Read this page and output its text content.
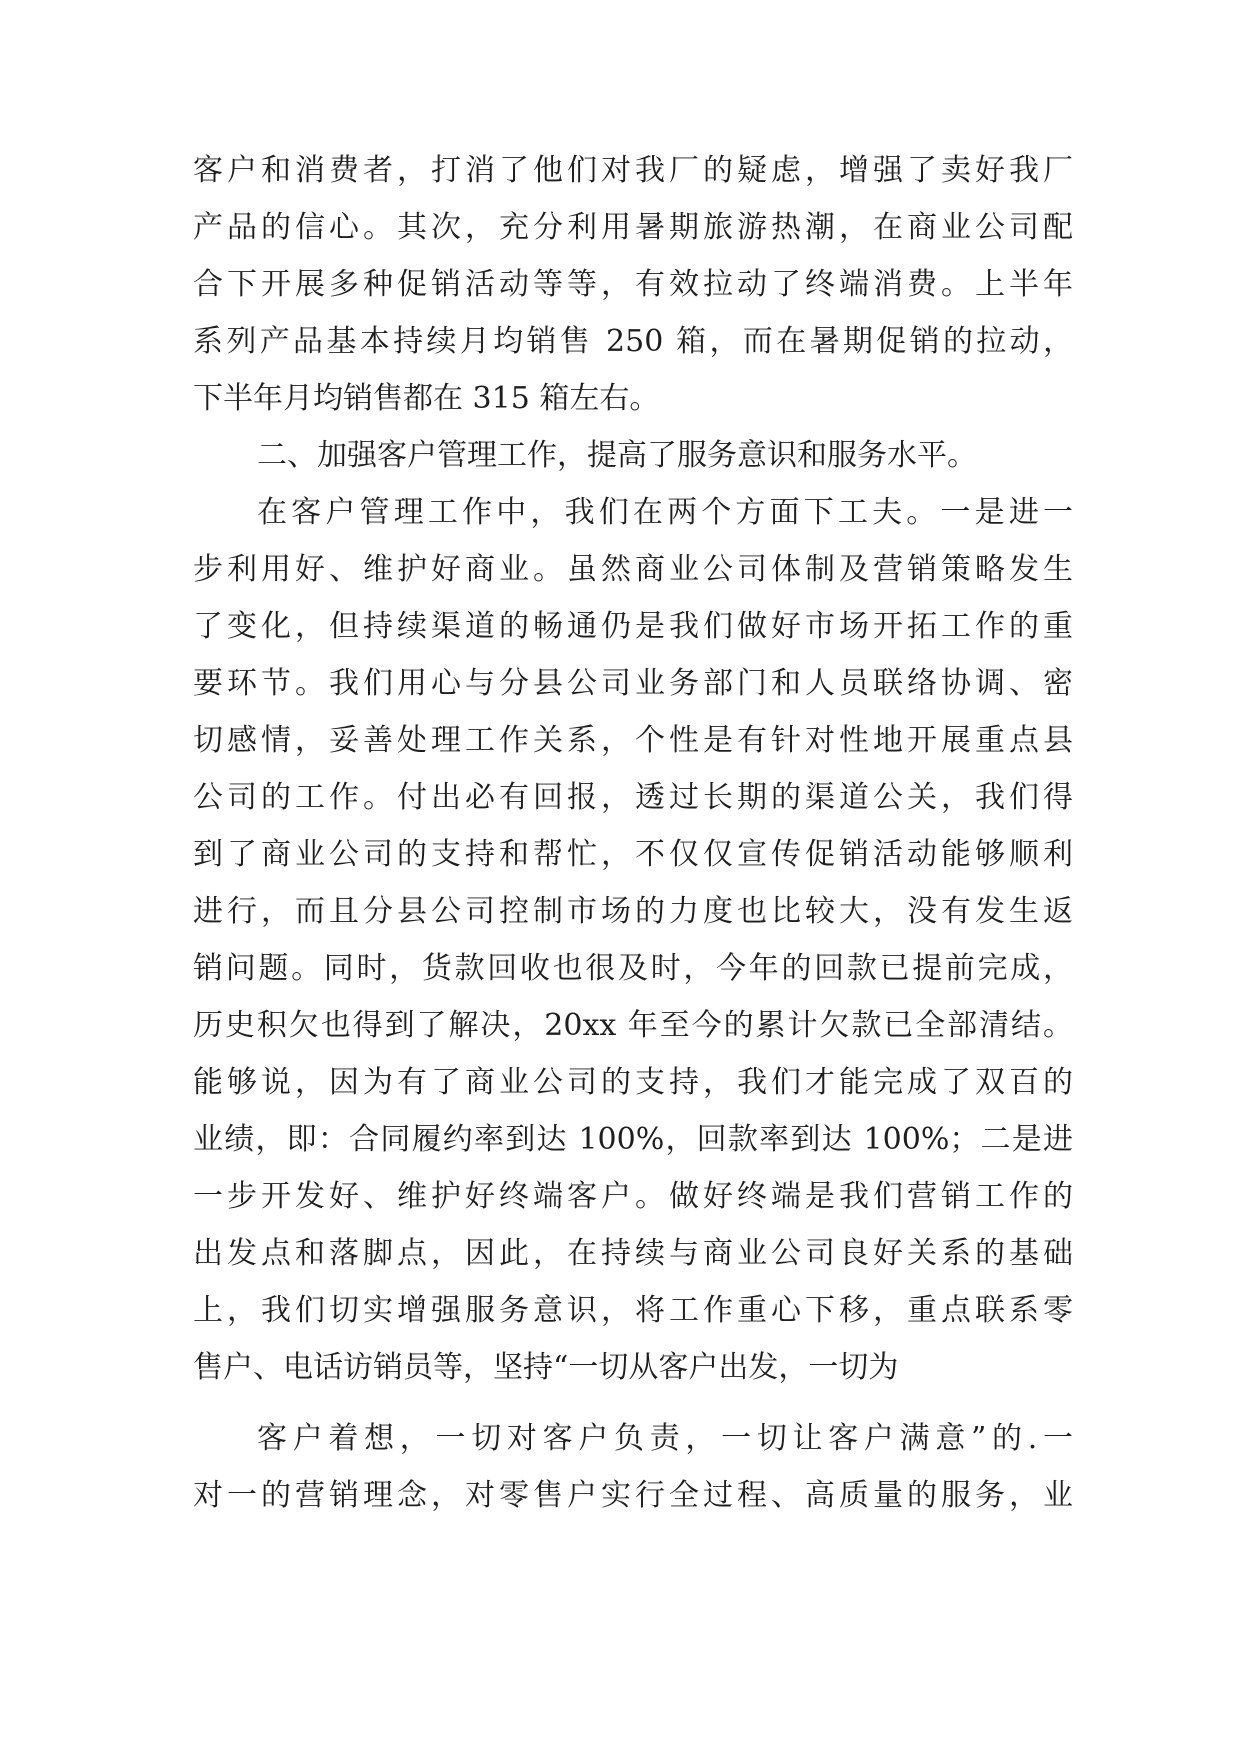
客户和消费者，打消了他们对我厂的疑虑，增强了卖好我厂
产品的信心。其次，充分利用暑期旅游热潮，在商业公司配
合下开展多种促销活动等等，有效拉动了终端消费。上半年
系列产品基本持续月均销售 250 箱，而在暑期促销的拉动，
下半年月均销售都在 315 箱左右。
二、加强客户管理工作，提高了服务意识和服务水平。
在客户管理工作中，我们在两个方面下工夫。一是进一
步利用好、维护好商业。虽然商业公司体制及营销策略发生
了变化，但持续渠道的畅通仍是我们做好市场开拓工作的重
要环节。我们用心与分县公司业务部门和人员联络协调、密
切感情，妥善处理工作关系，个性是有针对性地开展重点县
公司的工作。付出必有回报，透过长期的渠道公关，我们得
到了商业公司的支持和帮忙，不仅仅宣传促销活动能够顺利
进行，而且分县公司控制市场的力度也比较大，没有发生返
销问题。同时，货款回收也很及时，今年的回款已提前完成，
历史积欠也得到了解决，20xx 年至今的累计欠款已全部清结。
能够说，因为有了商业公司的支持，我们才能完成了双百的
业绩，即：合同履约率到达 100%，回款率到达 100%；二是进
一步开发好、维护好终端客户。做好终端是我们营销工作的
出发点和落脚点，因此，在持续与商业公司良好关系的基础
上，我们切实增强服务意识，将工作重心下移，重点联系零
售户、电话访销员等，坚持“一切从客户出发，一切为
客户着想，一切对客户负责，一切让客户满意”的.一
对一的营销理念，对零售户实行全过程、高质量的服务，业
